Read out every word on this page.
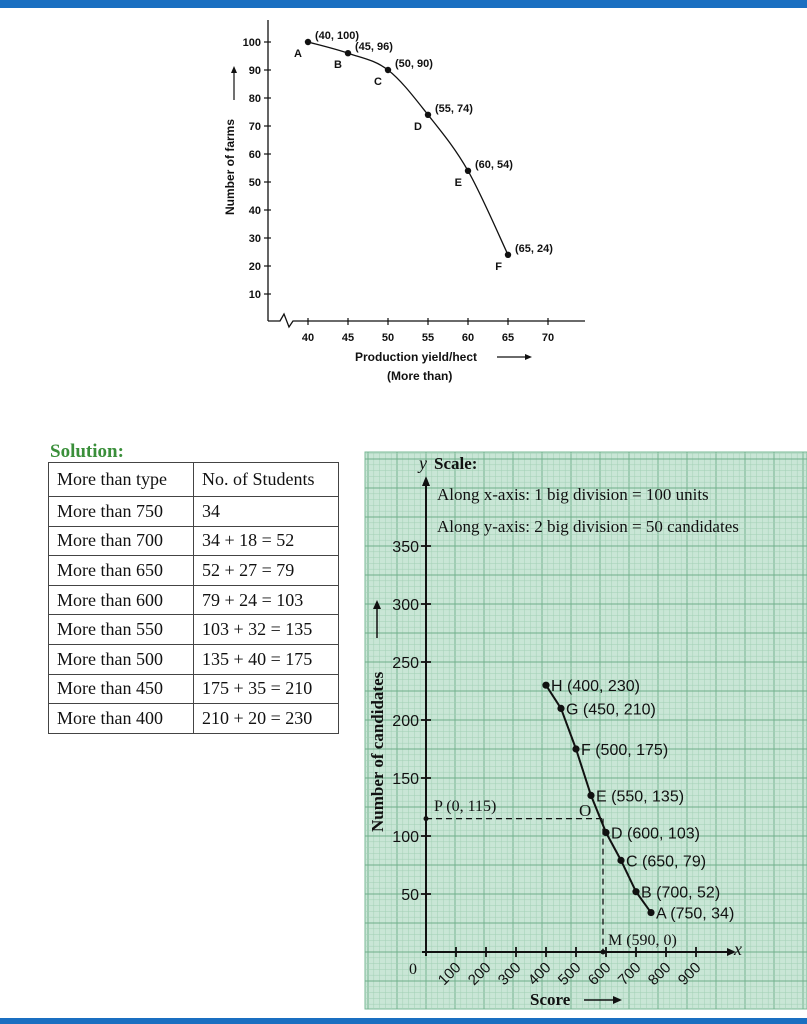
10
20
30
40
50
60
70
80
90
100
40	45	50	55	60	65	70
A
(40, 100)
B
(45, 96)
C
(50, 90)
D
(55, 74)
E
(60, 54)
F
(65, 24)
Number of farms
Production yield/hect
(More than)
Solution:
More than type	No. of Students
More than 750	34
More than 700	34 + 18 = 52
More than 650	52 + 27 = 79
More than 600	79 + 24 = 103
More than 550	103 + 32 = 135
More than 500	135 + 40 = 175
More than 450	175 + 35 = 210
More than 400	210 + 20 = 230
50
100
150
200
250
300
350
100 200 300 400 500 600 700 800 900
H (400, 230)
G (450, 210)
F (500, 175)
E (550, 135)
D (600, 103)
C (650, 79)
B (700, 52)
A (750, 34)
y Scale:
Along x-axis: 1 big division = 100 units
Along y-axis: 2 big division = 50 candidates
x
0
Number of candidates
Score
P (0, 115)
M (590, 0)
O
